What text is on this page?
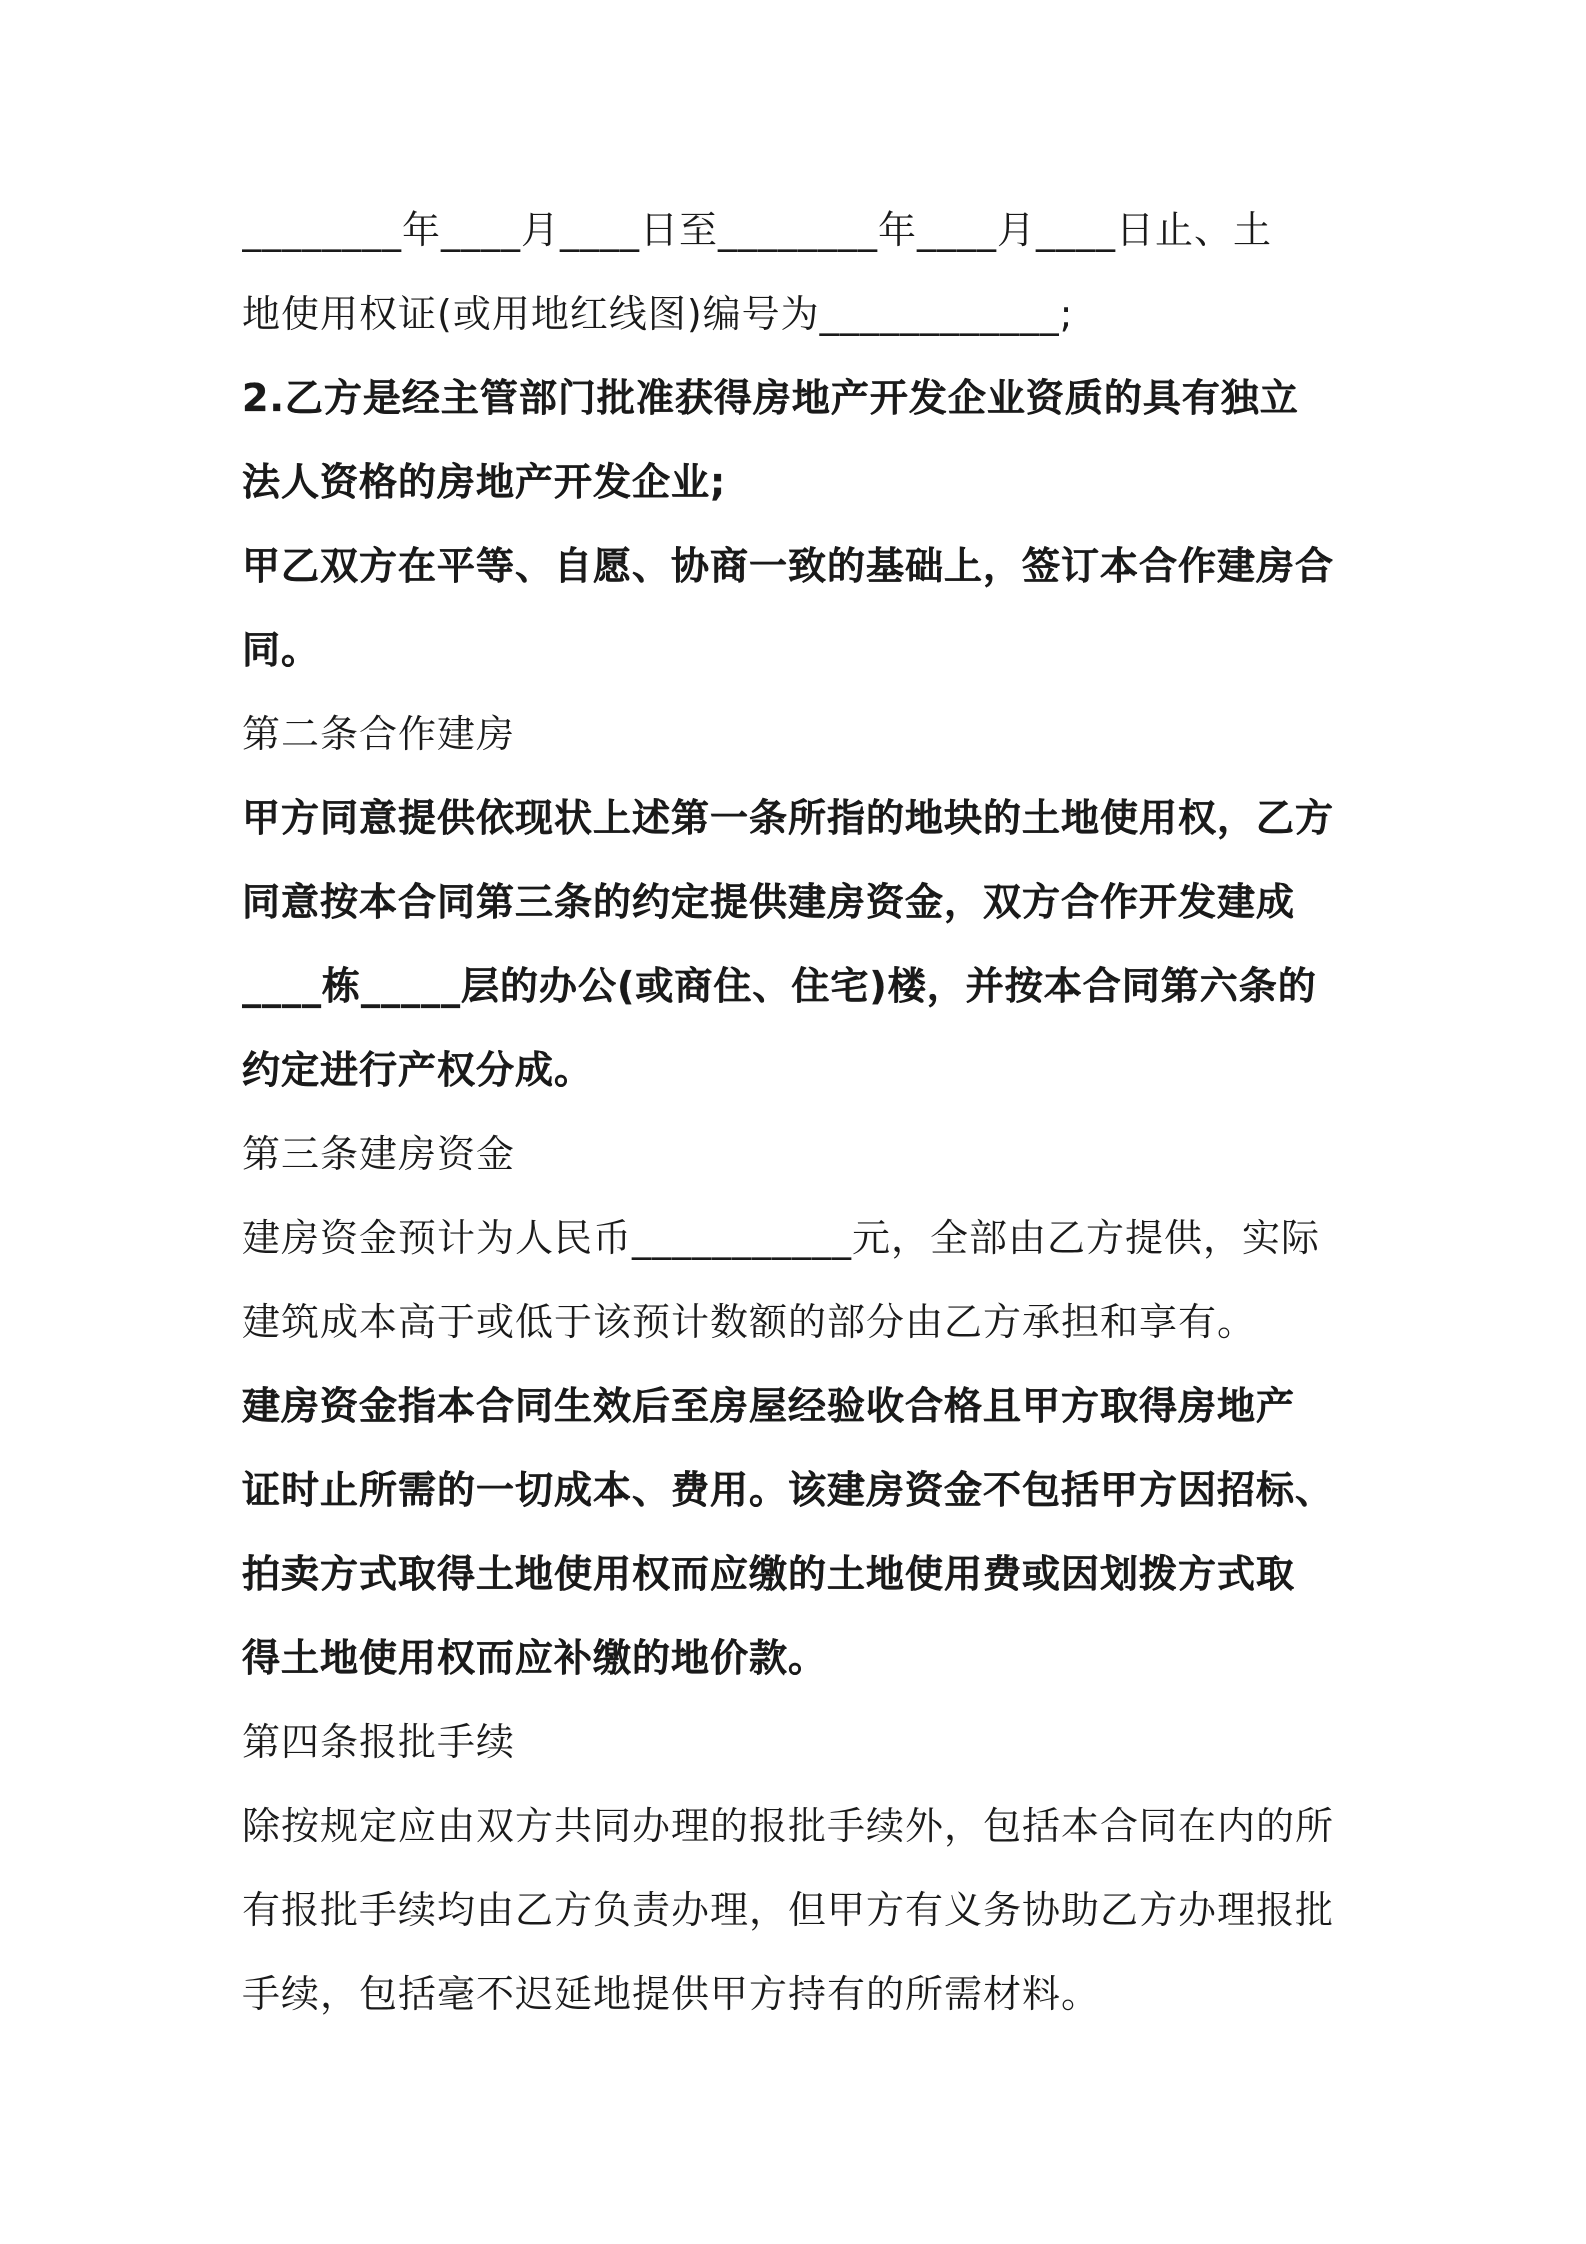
________年____月____日至________年____月____日止、土
地使用权证(或用地红线图)编号为____________;
2.乙方是经主管部门批准获得房地产开发企业资质的具有独立
法人资格的房地产开发企业;
甲乙双方在平等、自愿、协商一致的基础上，签订本合作建房合
同。
第二条合作建房
甲方同意提供依现状上述第一条所指的地块的土地使用权，乙方
同意按本合同第三条的约定提供建房资金，双方合作开发建成
____栋_____层的办公(或商住、住宅)楼，并按本合同第六条的
约定进行产权分成。
第三条建房资金
建房资金预计为人民币___________元，全部由乙方提供，实际
建筑成本高于或低于该预计数额的部分由乙方承担和享有。
建房资金指本合同生效后至房屋经验收合格且甲方取得房地产
证时止所需的一切成本、费用。该建房资金不包括甲方因招标、
拍卖方式取得土地使用权而应缴的土地使用费或因划拨方式取
得土地使用权而应补缴的地价款。
第四条报批手续
除按规定应由双方共同办理的报批手续外，包括本合同在内的所
有报批手续均由乙方负责办理，但甲方有义务协助乙方办理报批
手续，包括毫不迟延地提供甲方持有的所需材料。
